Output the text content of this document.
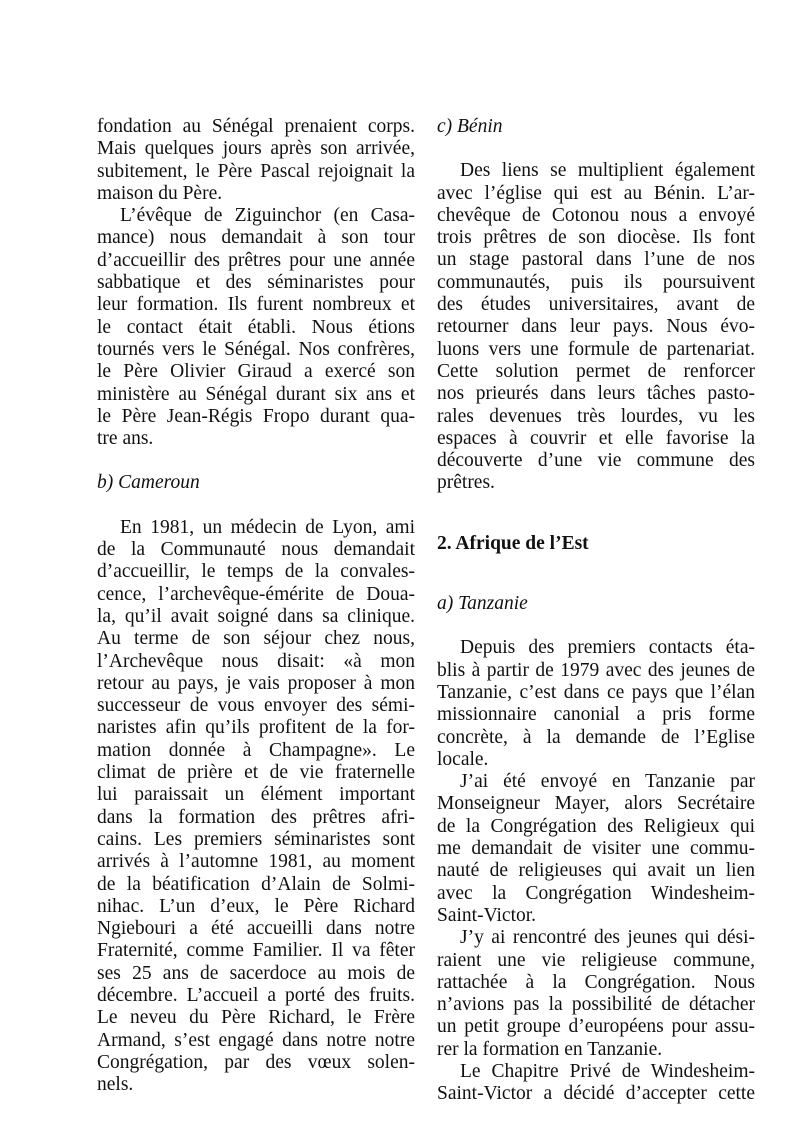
fondation au Sénégal prenaient corps.
Mais quelques jours après son arrivée,
subitement, le Père Pascal rejoignait la
maison du Père.
L’évêque de Ziguinchor (en Casa-
mance) nous demandait à son tour
d’accueillir des prêtres pour une année
sabbatique et des séminaristes pour
leur formation. Ils furent nombreux et
le contact était établi. Nous étions
tournés vers le Sénégal. Nos confrères,
le Père Olivier Giraud a exercé son
ministère au Sénégal durant six ans et
le Père Jean-Régis Fropo durant qua-
tre ans.
b) Cameroun
En 1981, un médecin de Lyon, ami
de la Communauté nous demandait
d’accueillir, le temps de la convales-
cence, l’archevêque-émérite de Doua-
la, qu’il avait soigné dans sa clinique.
Au terme de son séjour chez nous,
l’Archevêque nous disait: «à mon
retour au pays, je vais proposer à mon
successeur de vous envoyer des sémi-
naristes afin qu’ils profitent de la for-
mation donnée à Champagne». Le
climat de prière et de vie fraternelle
lui paraissait un élément important
dans la formation des prêtres afri-
cains. Les premiers séminaristes sont
arrivés à l’automne 1981, au moment
de la béatification d’Alain de Solmi-
nihac. L’un d’eux, le Père Richard
Ngiebouri a été accueilli dans notre
Fraternité, comme Familier. Il va fêter
ses 25 ans de sacerdoce au mois de
décembre. L’accueil a porté des fruits.
Le neveu du Père Richard, le Frère
Armand, s’est engagé dans notre notre
Congrégation, par des vœux solen-
nels.
c) Bénin
Des liens se multiplient également
avec l’église qui est au Bénin. L’ar-
chevêque de Cotonou nous a envoyé
trois prêtres de son diocèse. Ils font
un stage pastoral dans l’une de nos
communautés, puis ils poursuivent
des études universitaires, avant de
retourner dans leur pays. Nous évo-
luons vers une formule de partenariat.
Cette solution permet de renforcer
nos prieurés dans leurs tâches pasto-
rales devenues très lourdes, vu les
espaces à couvrir et elle favorise la
découverte d’une vie commune des
prêtres.
2. Afrique de l’Est
a) Tanzanie
Depuis des premiers contacts éta-
blis à partir de 1979 avec des jeunes de
Tanzanie, c’est dans ce pays que l’élan
missionnaire canonial a pris forme
concrète, à la demande de l’Eglise
locale.
J’ai été envoyé en Tanzanie par
Monseigneur Mayer, alors Secrétaire
de la Congrégation des Religieux qui
me demandait de visiter une commu-
nauté de religieuses qui avait un lien
avec la Congrégation Windesheim-
Saint-Victor.
J’y ai rencontré des jeunes qui dési-
raient une vie religieuse commune,
rattachée à la Congrégation. Nous
n’avions pas la possibilité de détacher
un petit groupe d’européens pour assu-
rer la formation en Tanzanie.
Le Chapitre Privé de Windesheim-
Saint-Victor a décidé d’accepter cette
